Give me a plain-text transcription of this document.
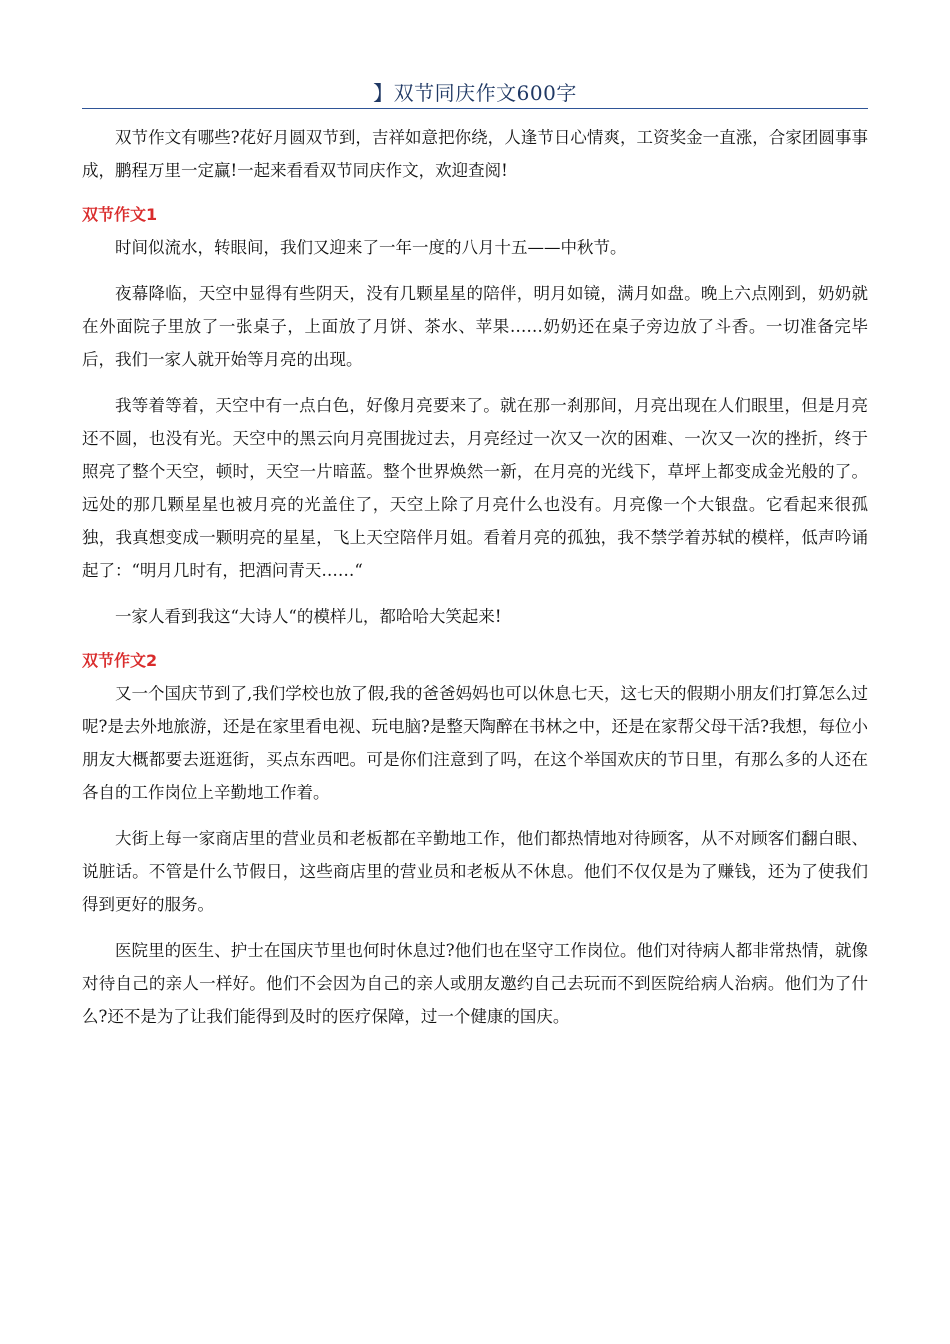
】双节同庆作文600字

双节作文有哪些?花好月圆双节到，吉祥如意把你绕，人逢节日心情爽，工资奖金一直涨，合家团圆事事成，鹏程万里一定赢!一起来看看双节同庆作文，欢迎查阅!

双节作文1

时间似流水，转眼间，我们又迎来了一年一度的八月十五——中秋节。

夜幕降临，天空中显得有些阴天，没有几颗星星的陪伴，明月如镜，满月如盘。晚上六点刚到，奶奶就在外面院子里放了一张桌子，上面放了月饼、茶水、苹果……奶奶还在桌子旁边放了斗香。一切准备完毕后，我们一家人就开始等月亮的出现。

我等着等着，天空中有一点白色，好像月亮要来了。就在那一刹那间，月亮出现在人们眼里，但是月亮还不圆，也没有光。天空中的黑云向月亮围拢过去，月亮经过一次又一次的困难、一次又一次的挫折，终于照亮了整个天空，顿时，天空一片暗蓝。整个世界焕然一新，在月亮的光线下，草坪上都变成金光般的了。远处的那几颗星星也被月亮的光盖住了，天空上除了月亮什么也没有。月亮像一个大银盘。它看起来很孤独，我真想变成一颗明亮的星星，飞上天空陪伴月姐。看着月亮的孤独，我不禁学着苏轼的模样，低声吟诵起了：“明月几时有，把酒问青天……“

一家人看到我这“大诗人“的模样儿，都哈哈大笑起来!

双节作文2

又一个国庆节到了,我们学校也放了假,我的爸爸妈妈也可以休息七天，这七天的假期小朋友们打算怎么过呢?是去外地旅游，还是在家里看电视、玩电脑?是整天陶醉在书林之中，还是在家帮父母干活?我想，每位小朋友大概都要去逛逛街，买点东西吧。可是你们注意到了吗，在这个举国欢庆的节日里，有那么多的人还在各自的工作岗位上辛勤地工作着。

大街上每一家商店里的营业员和老板都在辛勤地工作，他们都热情地对待顾客，从不对顾客们翻白眼、说脏话。不管是什么节假日，这些商店里的营业员和老板从不休息。他们不仅仅是为了赚钱，还为了使我们得到更好的服务。

医院里的医生、护士在国庆节里也何时休息过?他们也在坚守工作岗位。他们对待病人都非常热情，就像对待自己的亲人一样好。他们不会因为自己的亲人或朋友邀约自己去玩而不到医院给病人治病。他们为了什么?还不是为了让我们能得到及时的医疗保障，过一个健康的国庆。
